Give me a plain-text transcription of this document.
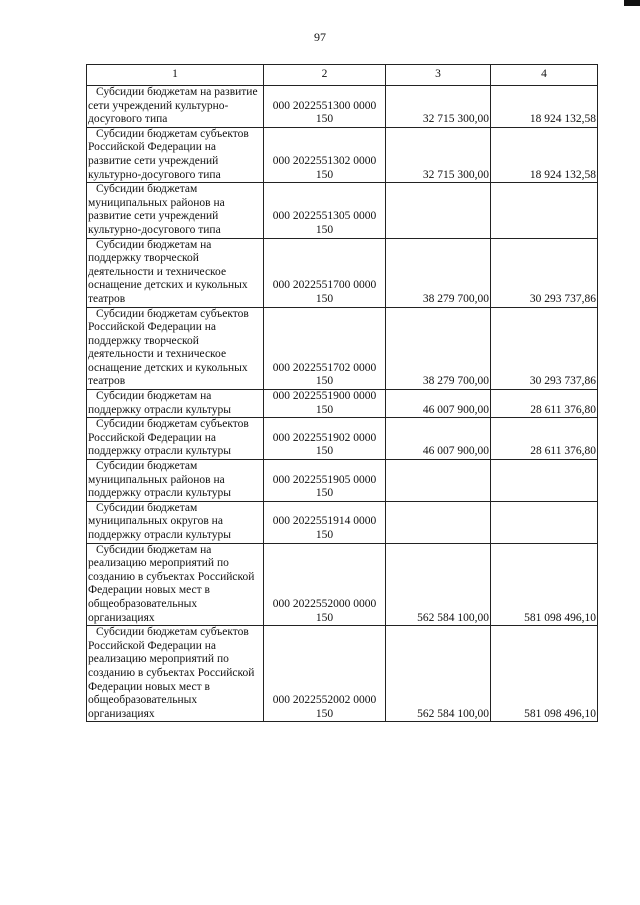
97
1	2	3	4
Субсидии бюджетам на развитие сети учреждений культурно-досугового типа	000 2022551300 0000 150	32 715 300,00	18 924 132,58
Субсидии бюджетам субъектов Российской Федерации на развитие сети учреждений культурно-досугового типа	000 2022551302 0000 150	32 715 300,00	18 924 132,58
Субсидии бюджетам муниципальных районов на развитие сети учреждений культурно-досугового типа	000 2022551305 0000 150		
Субсидии бюджетам на поддержку творческой деятельности и техническое оснащение детских и кукольных театров	000 2022551700 0000 150	38 279 700,00	30 293 737,86
Субсидии бюджетам субъектов Российской Федерации на поддержку творческой деятельности и техническое оснащение детских и кукольных театров	000 2022551702 0000 150	38 279 700,00	30 293 737,86
Субсидии бюджетам на поддержку отрасли культуры	000 2022551900 0000 150	46 007 900,00	28 611 376,80
Субсидии бюджетам субъектов Российской Федерации на поддержку отрасли культуры	000 2022551902 0000 150	46 007 900,00	28 611 376,80
Субсидии бюджетам муниципальных районов на поддержку отрасли культуры	000 2022551905 0000 150		
Субсидии бюджетам муниципальных округов на поддержку отрасли культуры	000 2022551914 0000 150		
Субсидии бюджетам на реализацию мероприятий по созданию в субъектах Российской Федерации новых мест в общеобразовательных организациях	000 2022552000 0000 150	562 584 100,00	581 098 496,10
Субсидии бюджетам субъектов Российской Федерации на реализацию мероприятий по созданию в субъектах Российской Федерации новых мест в общеобразовательных организациях	000 2022552002 0000 150	562 584 100,00	581 098 496,10
